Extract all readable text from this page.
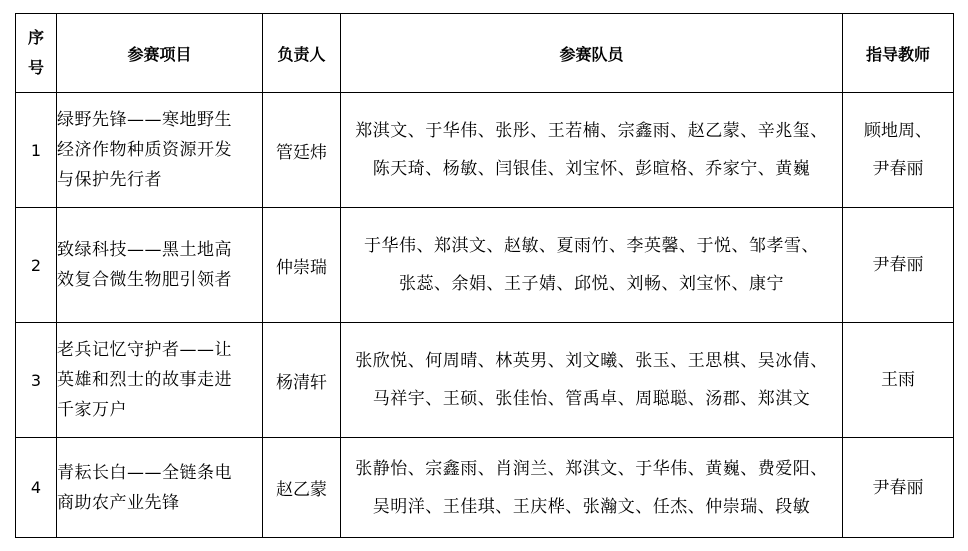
序
号	参赛项目	负责人	参赛队员	指导教师
1	绿野先锋——寒地野生
经济作物种质资源开发
与保护先行者	管廷炜	郑淇文、于华伟、张彤、王若楠、宗鑫雨、赵乙蒙、辛兆玺、
陈天琦、杨敏、闫银佳、刘宝怀、彭暄格、乔家宁、黄巍	顾地周、
尹春丽

2	致绿科技——黑土地高
效复合微生物肥引领者	仲崇瑞	于华伟、郑淇文、赵敏、夏雨竹、李英馨、于悦、邹孝雪、
张蕊、余娟、王子婧、邱悦、刘畅、刘宝怀、康宁	尹春丽

3	老兵记忆守护者——让
英雄和烈士的故事走进
千家万户	杨清轩	张欣悦、何周晴、林英男、刘文曦、张玉、王思棋、吴冰倩、
马祥宇、王硕、张佳怡、管禹卓、周聪聪、汤郡、郑淇文	王雨

4	青耘长白——全链条电
商助农产业先锋	赵乙蒙	张静怡、宗鑫雨、肖润兰、郑淇文、于华伟、黄巍、费爱阳、
吴明洋、王佳琪、王庆桦、张瀚文、任杰、仲崇瑞、段敏	尹春丽
